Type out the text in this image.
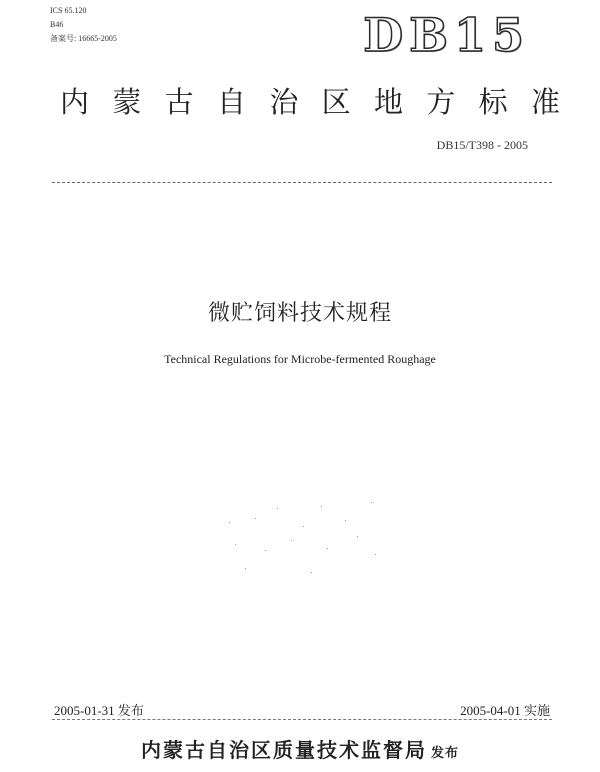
ICS 65.120
B46
备案号: 16665-2005	DB15
内 蒙 古 自 治 区 地 方 标 准
DB15/T398 - 2005
微贮饲料技术规程
Technical Regulations for Microbe-fermented Roughage
2005-01-31 发布	2005-04-01 实施
内蒙古自治区质量技术监督局 发布
